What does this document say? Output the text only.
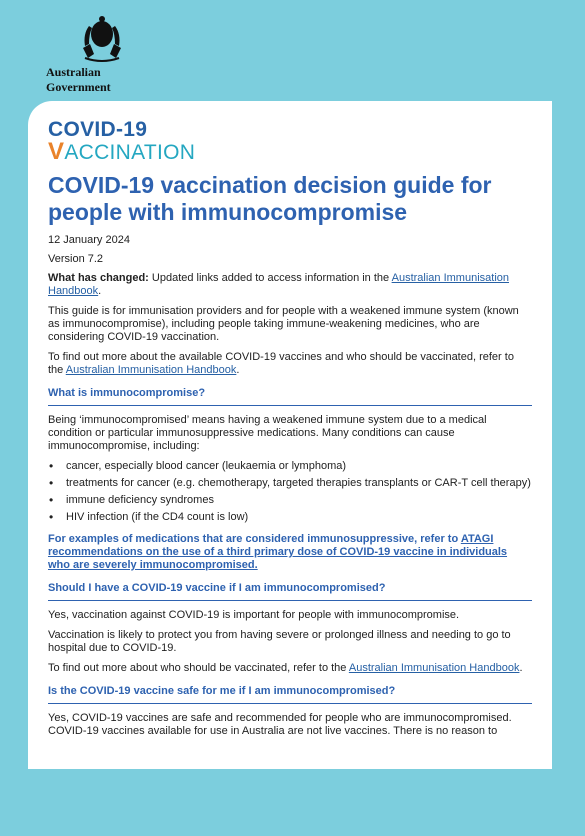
Australian Government
COVID-19
VACCINATION
COVID-19 vaccination decision guide for people with immunocompromise

12 January 2024

Version 7.2

What has changed: Updated links added to access information in the Australian Immunisation Handbook.

This guide is for immunisation providers and for people with a weakened immune system (known as immunocompromise), including people taking immune-weakening medicines, who are considering COVID-19 vaccination.

To find out more about the available COVID-19 vaccines and who should be vaccinated, refer to the Australian Immunisation Handbook.

What is immunocompromise?

Being ‘immunocompromised’ means having a weakened immune system due to a medical condition or particular immunosuppressive medications. Many conditions can cause immunocompromise, including:

• cancer, especially blood cancer (leukaemia or lymphoma)
• treatments for cancer (e.g. chemotherapy, targeted therapies transplants or CAR-T cell therapy)
• immune deficiency syndromes
• HIV infection (if the CD4 count is low)

For examples of medications that are considered immunosuppressive, refer to ATAGI recommendations on the use of a third primary dose of COVID-19 vaccine in individuals who are severely immunocompromised.

Should I have a COVID-19 vaccine if I am immunocompromised?

Yes, vaccination against COVID-19 is important for people with immunocompromise.

Vaccination is likely to protect you from having severe or prolonged illness and needing to go to hospital due to COVID-19.

To find out more about who should be vaccinated, refer to the Australian Immunisation Handbook.

Is the COVID-19 vaccine safe for me if I am immunocompromised?

Yes, COVID-19 vaccines are safe and recommended for people who are immunocompromised. COVID-19 vaccines available for use in Australia are not live vaccines. There is no reason to
